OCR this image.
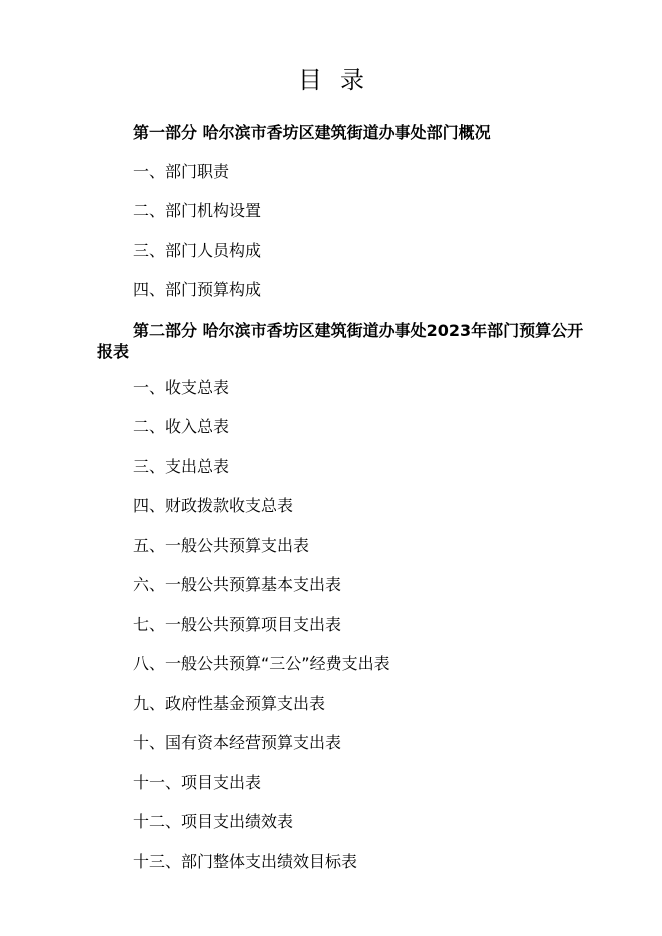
目录
第一部分 哈尔滨市香坊区建筑街道办事处部门概况
一、部门职责
二、部门机构设置
三、部门人员构成
四、部门预算构成
第二部分 哈尔滨市香坊区建筑街道办事处2023年部门预算公开报表
一、收支总表
二、收入总表
三、支出总表
四、财政拨款收支总表
五、一般公共预算支出表
六、一般公共预算基本支出表
七、一般公共预算项目支出表
八、一般公共预算“三公”经费支出表
九、政府性基金预算支出表
十、国有资本经营预算支出表
十一、项目支出表
十二、项目支出绩效表
十三、部门整体支出绩效目标表
